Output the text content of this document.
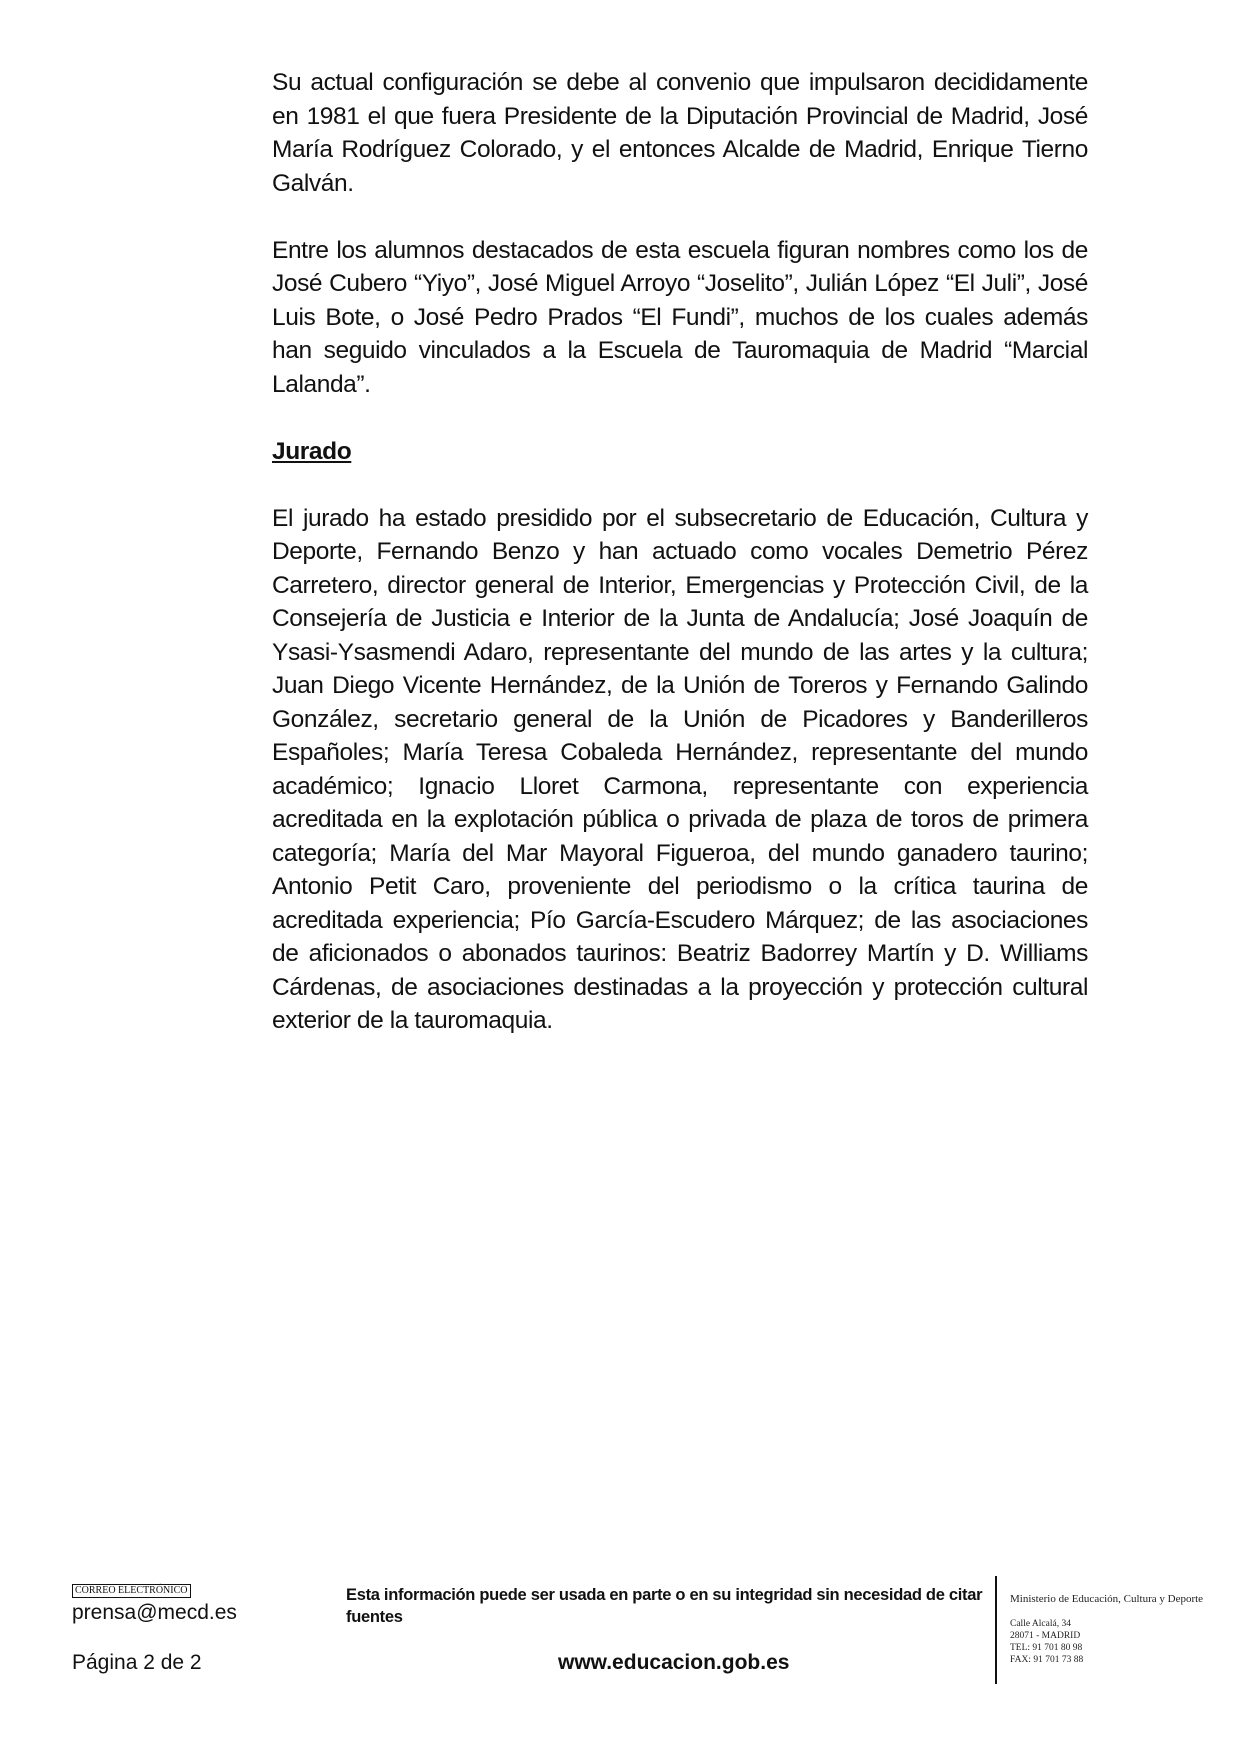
Su actual configuración se debe al convenio que impulsaron decididamente en 1981 el que fuera Presidente de la Diputación Provincial de Madrid, José María Rodríguez Colorado, y el entonces Alcalde de Madrid, Enrique Tierno Galván.

Entre los alumnos destacados de esta escuela figuran nombres como los de José Cubero “Yiyo”, José Miguel Arroyo “Joselito”, Julián López “El Juli”, José Luis Bote, o José Pedro Prados “El Fundi”, muchos de los cuales además han seguido vinculados a la Escuela de Tauromaquia de Madrid “Marcial Lalanda”.

Jurado

El jurado ha estado presidido por el subsecretario de Educación, Cultura y Deporte, Fernando Benzo y han actuado como vocales Demetrio Pérez Carretero, director general de Interior, Emergencias y Protección Civil, de la Consejería de Justicia e Interior de la Junta de Andalucía; José Joaquín de Ysasi-Ysasmendi Adaro, representante del mundo de las artes y la cultura; Juan Diego Vicente Hernández, de la Unión de Toreros y Fernando Galindo González, secretario general de la Unión de Picadores y Banderilleros Españoles; María Teresa Cobaleda Hernández, representante del mundo académico; Ignacio Lloret Carmona, representante con experiencia acreditada en la explotación pública o privada de plaza de toros de primera categoría; María del Mar Mayoral Figueroa, del mundo ganadero taurino; Antonio Petit Caro, proveniente del periodismo o la crítica taurina de acreditada experiencia; Pío García-Escudero Márquez; de las asociaciones de aficionados o abonados taurinos: Beatriz Badorrey Martín y D. Williams Cárdenas, de asociaciones destinadas a la proyección y protección cultural exterior de la tauromaquia.

CORREO ELECTRÓNICO
prensa@mecd.es
Página 2 de 2
Esta información puede ser usada en parte o en su integridad sin necesidad de citar fuentes
www.educacion.gob.es
Ministerio de Educación, Cultura y Deporte
Calle Alcalá, 34
28071 - MADRID
TEL: 91 701 80 98
FAX: 91 701 73 88
